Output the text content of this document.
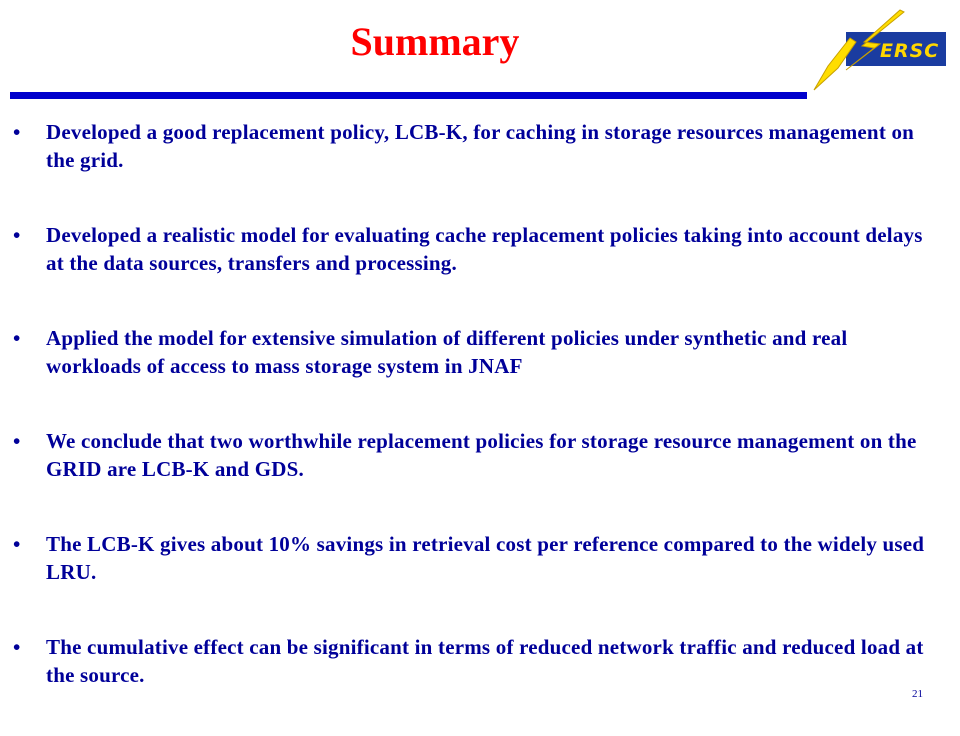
Summary	ERSC
• Developed a good replacement policy, LCB-K, for caching in storage resources management on the grid.
• Developed a realistic model for evaluating cache replacement policies taking into account delays at the data sources, transfers and processing.
• Applied the model for extensive simulation of different policies under synthetic and real workloads of access to mass storage system in JNAF
• We conclude that two worthwhile replacement policies for storage resource management on the GRID are LCB-K and GDS.
• The LCB-K gives about 10% savings in retrieval cost per reference compared to the widely used LRU.
• The cumulative effect can be significant in terms of reduced network traffic and reduced load at the source.
21
